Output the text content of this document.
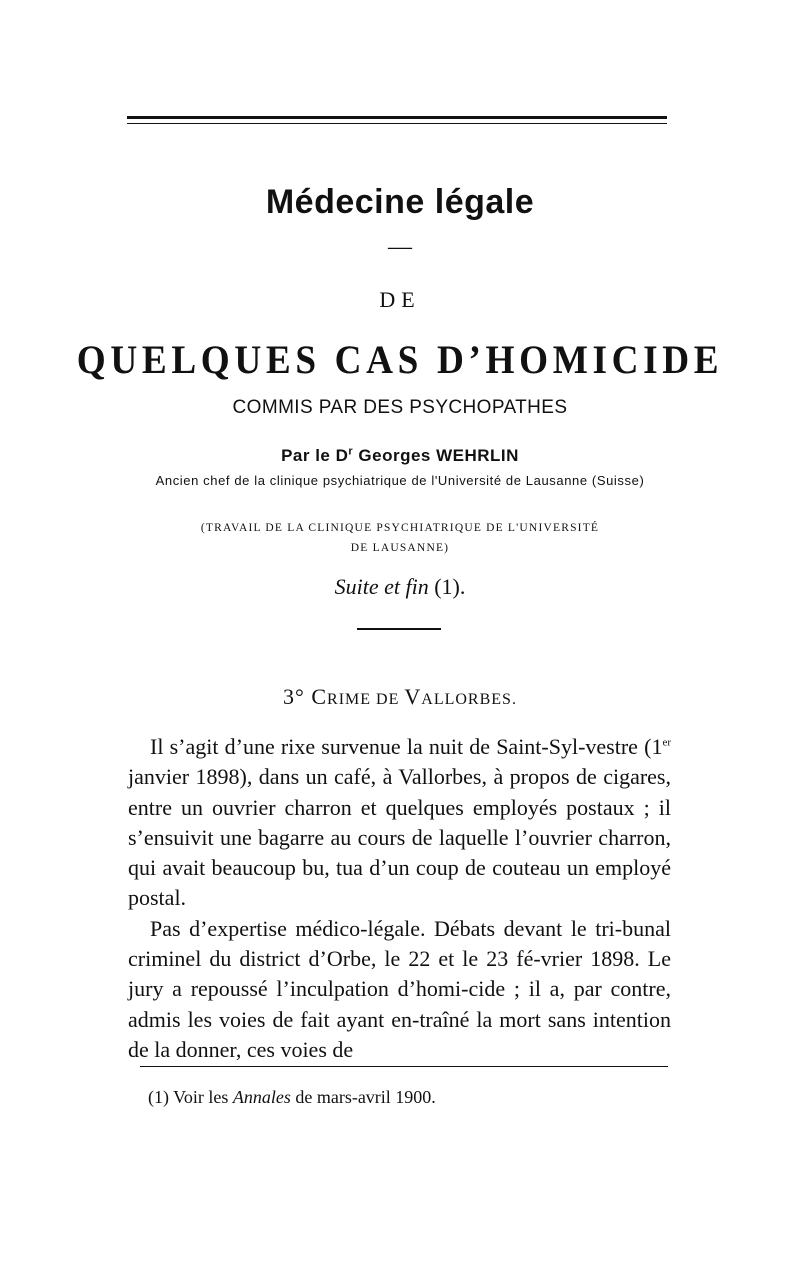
Médecine légale
—
DE
QUELQUES CAS D’HOMICIDE
COMMIS PAR DES PSYCHOPATHES
Par le $D^r$ Georges WEHRLIN
Ancien chef de la clinique psychiatrique de l'Université de Lausanne (Suisse)
(TRAVAIL DE LA CLINIQUE PSYCHIATRIQUE DE L'UNIVERSITÉ
DE LAUSANNE)
Suite et fin (1).
3° CRIME DE VALLORBES.

Il s’agit d’une rixe survenue la nuit de Saint-Syl-vestre (1er janvier 1898), dans un café, à Vallorbes, à propos de cigares, entre un ouvrier charron et quelques employés postaux ; il s’ensuivit une bagarre au cours de laquelle l’ouvrier charron, qui avait beaucoup bu, tua d’un coup de couteau un employé postal.

Pas d’expertise médico-légale. Débats devant le tri-bunal criminel du district d’Orbe, le 22 et le 23 fé-vrier 1898. Le jury a repoussé l’inculpation d’homi-cide ; il a, par contre, admis les voies de fait ayant en-traîné la mort sans intention de la donner, ces voies de

(1) Voir les Annales de mars-avril 1900.
